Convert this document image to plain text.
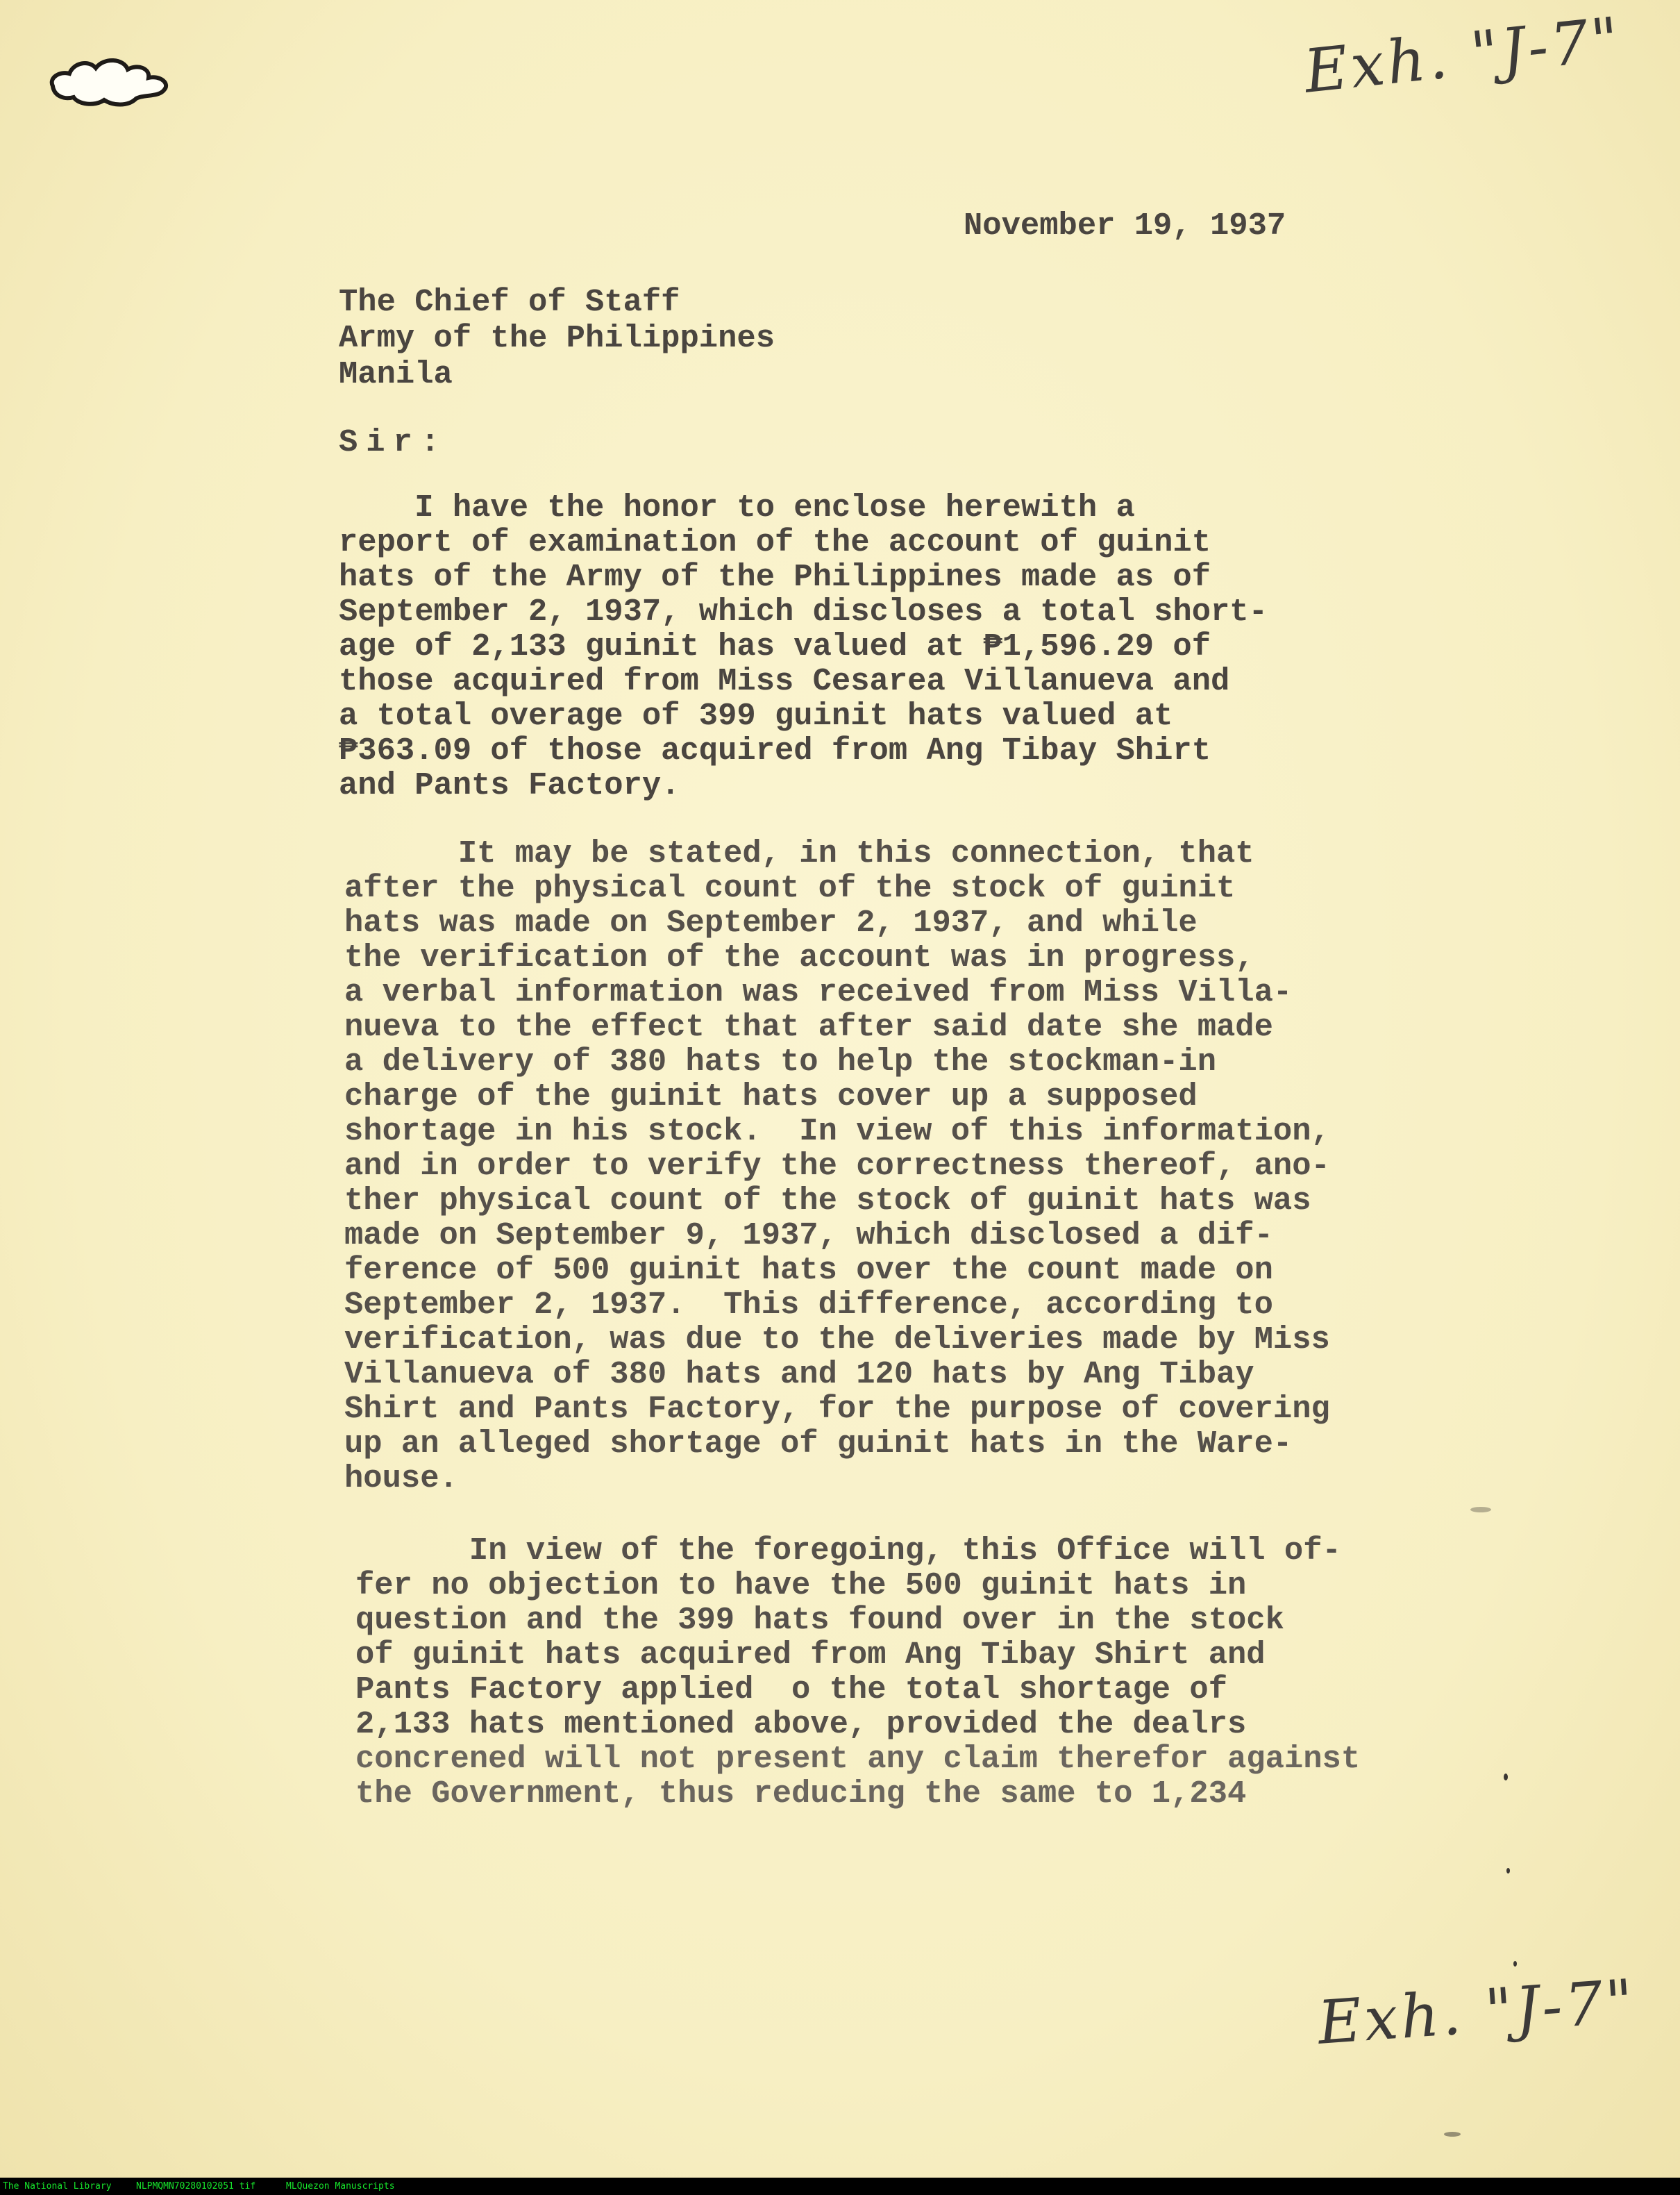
Exh. "J-7"
November 19, 1937
The Chief of Staff
Army of the Philippines
Manila
Sir:
I have the honor to enclose herewith a
report of examination of the account of guinit
hats of the Army of the Philippines made as of
September 2, 1937, which discloses a total short-
age of 2,133 guinit has valued at ₱1,596.29 of
those acquired from Miss Cesarea Villanueva and
a total overage of 399 guinit hats valued at
₱363.09 of those acquired from Ang Tibay Shirt
and Pants Factory.
It may be stated, in this connection, that
after the physical count of the stock of guinit
hats was made on September 2, 1937, and while
the verification of the account was in progress,
a verbal information was received from Miss Villa-
nueva to the effect that after said date she made
a delivery of 380 hats to help the stockman-in
charge of the guinit hats cover up a supposed
shortage in his stock.  In view of this information,
and in order to verify the correctness thereof, ano-
ther physical count of the stock of guinit hats was
made on September 9, 1937, which disclosed a dif-
ference of 500 guinit hats over the count made on
September 2, 1937.  This difference, according to
verification, was due to the deliveries made by Miss
Villanueva of 380 hats and 120 hats by Ang Tibay
Shirt and Pants Factory, for the purpose of covering
up an alleged shortage of guinit hats in the Ware-
house.
In view of the foregoing, this Office will of-
fer no objection to have the 500 guinit hats in
question and the 399 hats found over in the stock
of guinit hats acquired from Ang Tibay Shirt and
Pants Factory applied  o the total shortage of
2,133 hats mentioned above, provided the dealrs
concrened will not present any claim therefor against
the Government, thus reducing the same to 1,234
Exh. "J-7"
The National Library	NLPMQMN70280102051 tif	MLQuezon Manuscripts
